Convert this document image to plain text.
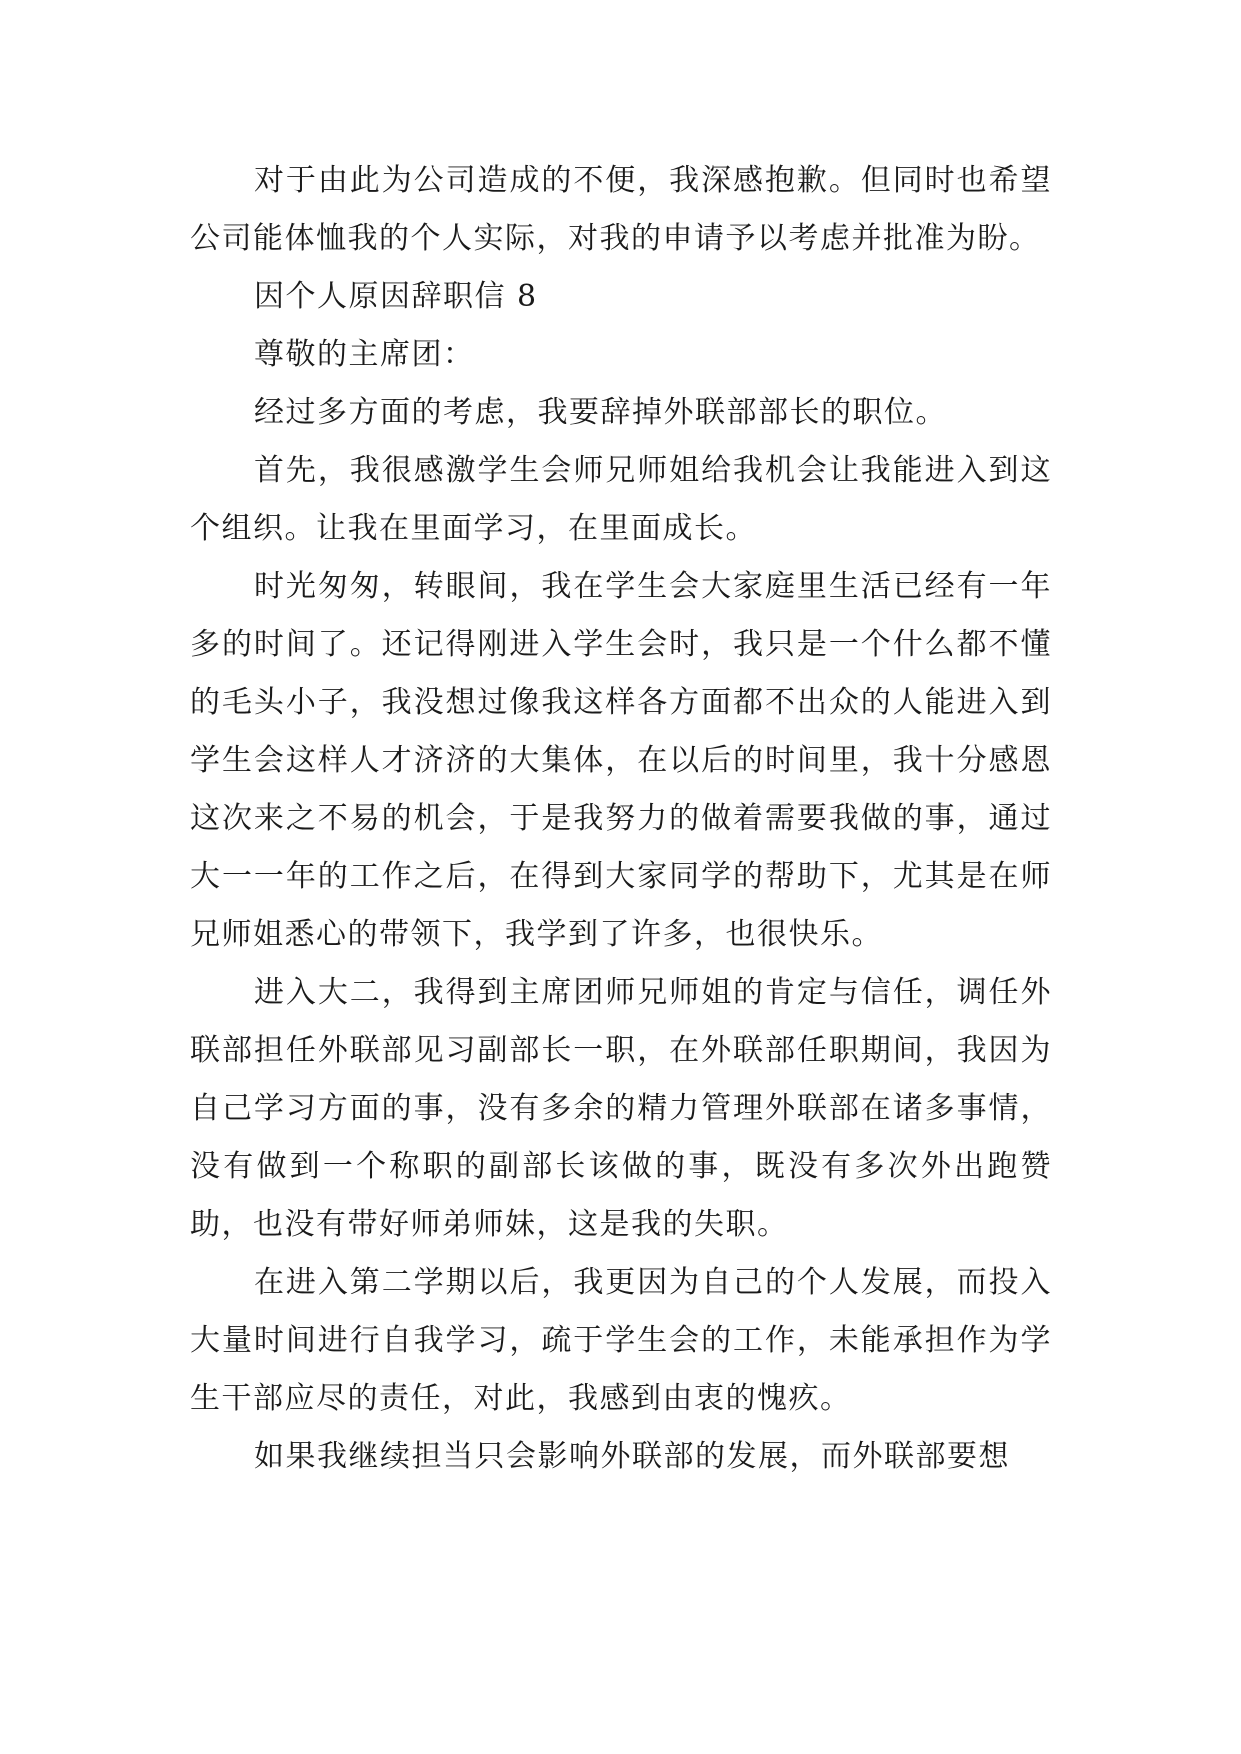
对于由此为公司造成的不便，我深感抱歉。但同时也希望公司能体恤我的个人实际，对我的申请予以考虑并批准为盼。

因个人原因辞职信 8

尊敬的主席团：

经过多方面的考虑，我要辞掉外联部部长的职位。

首先，我很感激学生会师兄师姐给我机会让我能进入到这个组织。让我在里面学习，在里面成长。

时光匆匆，转眼间，我在学生会大家庭里生活已经有一年多的时间了。还记得刚进入学生会时，我只是一个什么都不懂的毛头小子，我没想过像我这样各方面都不出众的人能进入到学生会这样人才济济的大集体，在以后的时间里，我十分感恩这次来之不易的机会，于是我努力的做着需要我做的事，通过大一一年的工作之后，在得到大家同学的帮助下，尤其是在师兄师姐悉心的带领下，我学到了许多，也很快乐。

进入大二，我得到主席团师兄师姐的肯定与信任，调任外联部担任外联部见习副部长一职，在外联部任职期间，我因为自己学习方面的事，没有多余的精力管理外联部在诸多事情，没有做到一个称职的副部长该做的事，既没有多次外出跑赞助，也没有带好师弟师妹，这是我的失职。

在进入第二学期以后，我更因为自己的个人发展，而投入大量时间进行自我学习，疏于学生会的工作，未能承担作为学生干部应尽的责任，对此，我感到由衷的愧疚。

如果我继续担当只会影响外联部的发展，而外联部要想
